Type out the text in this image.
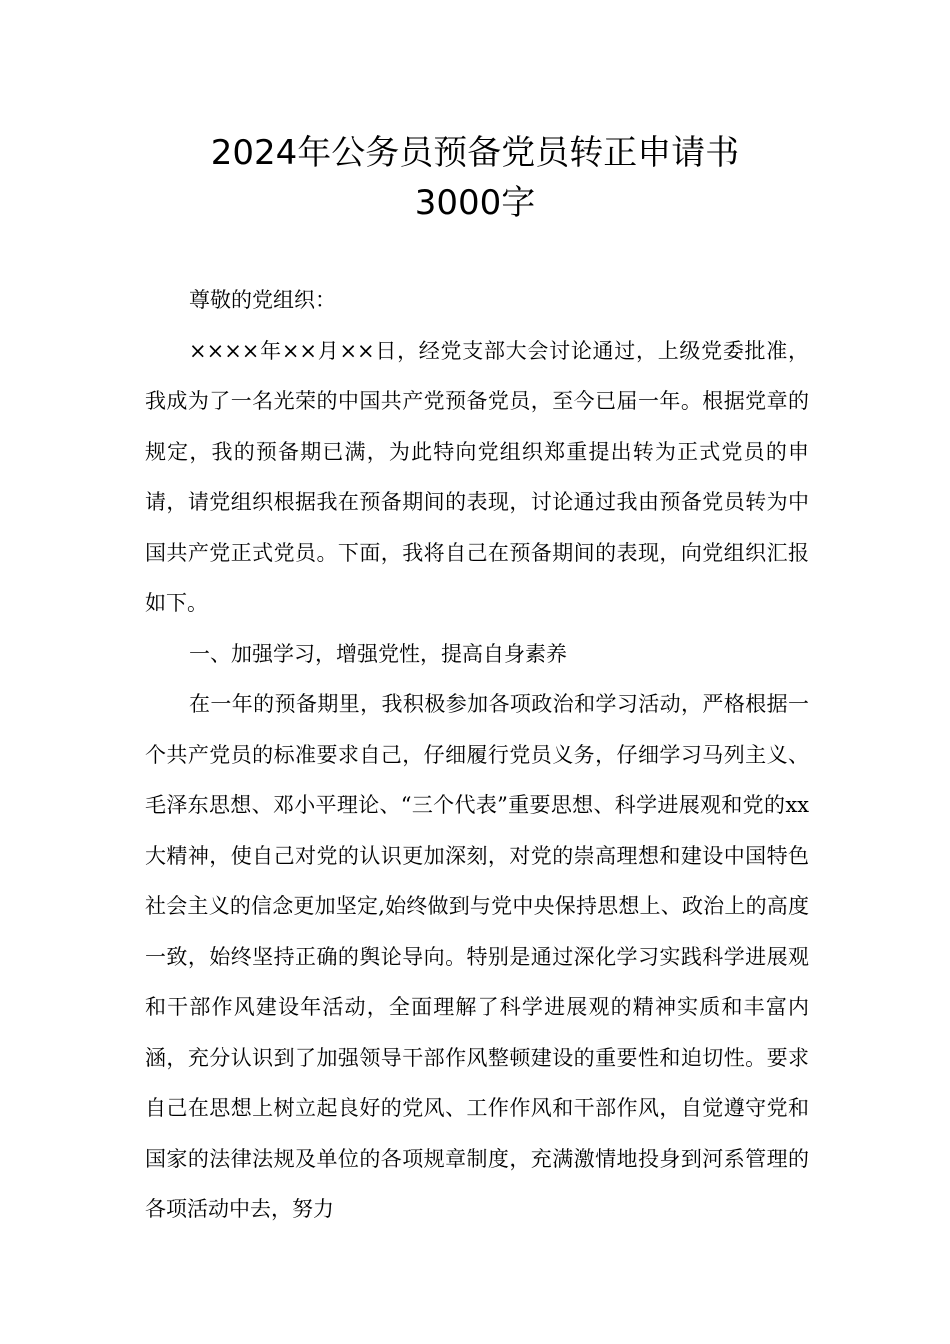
2024年公务员预备党员转正申请书
3000字

尊敬的党组织：

××××年××月××日，经党支部大会讨论通过，上级党委批准，我成为了一名光荣的中国共产党预备党员，至今已届一年。根据党章的规定，我的预备期已满，为此特向党组织郑重提出转为正式党员的申请，请党组织根据我在预备期间的表现，讨论通过我由预备党员转为中国共产党正式党员。下面，我将自己在预备期间的表现，向党组织汇报如下。

一、加强学习，增强党性，提高自身素养

在一年的预备期里，我积极参加各项政治和学习活动，严格根据一个共产党员的标准要求自己，仔细履行党员义务，仔细学习马列主义、毛泽东思想、邓小平理论、“三个代表”重要思想、科学进展观和党的xx大精神，使自己对党的认识更加深刻，对党的崇高理想和建设中国特色社会主义的信念更加坚定,始终做到与党中央保持思想上、政治上的高度一致，始终坚持正确的舆论导向。特别是通过深化学习实践科学进展观和干部作风建设年活动，全面理解了科学进展观的精神实质和丰富内涵，充分认识到了加强领导干部作风整顿建设的重要性和迫切性。要求自己在思想上树立起良好的党风、工作作风和干部作风，自觉遵守党和国家的法律法规及单位的各项规章制度，充满激情地投身到河系管理的各项活动中去，努力
